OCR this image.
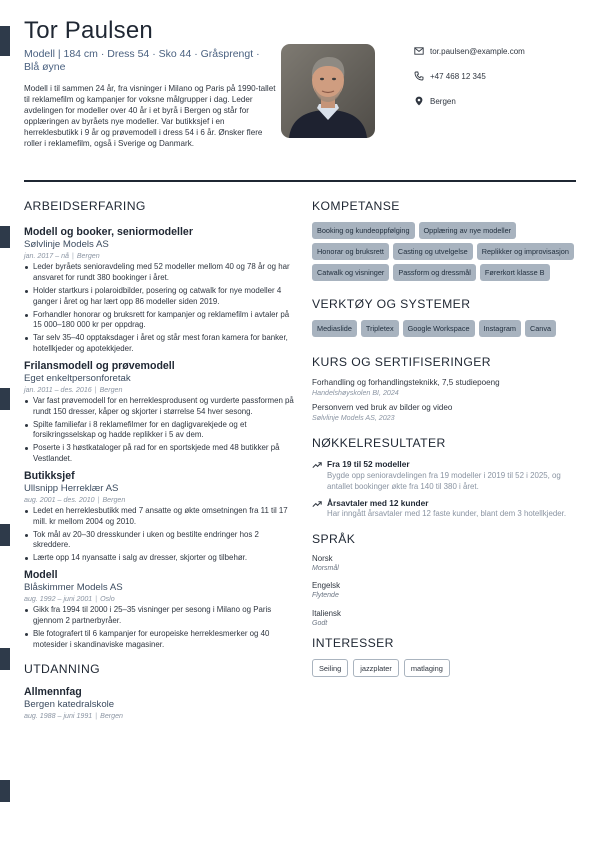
Tor Paulsen
Modell | 184 cm · Dress 54 · Sko 44 · Gråsprengt · Blå øyne
Modell i til sammen 24 år, fra visninger i Milano og Paris på 1990-tallet til reklamefilm og kampanjer for voksne målgrupper i dag. Leder avdelingen for modeller over 40 år i et byrå i Bergen og står for opplæringen av byråets nye modeller. Var butikksjef i en herreklesbutikk i 9 år og prøvemodell i dress 54 i 6 år. Ønsker flere roller i reklamefilm, også i Sverige og Danmark.
tor.paulsen@example.com
+47 468 12 345
Bergen
ARBEIDSERFARING
Modell og booker, seniormodeller
Sølvlinje Models AS
jan. 2017 – nå | Bergen
Leder byråets senioravdeling med 52 modeller mellom 40 og 78 år og har ansvaret for rundt 380 bookinger i året.
Holder startkurs i polaroidbilder, posering og catwalk for nye modeller 4 ganger i året og har lært opp 86 modeller siden 2019.
Forhandler honorar og bruksrett for kampanjer og reklamefilm i avtaler på 15 000–180 000 kr per oppdrag.
Tar selv 35–40 opptaksdager i året og står mest foran kamera for banker, hotellkjeder og apotekkjeder.
Frilansmodell og prøvemodell
Eget enkeltpersonforetak
jan. 2011 – des. 2016 | Bergen
Var fast prøvemodell for en herreklesprodusent og vurderte passformen på rundt 150 dresser, kåper og skjorter i størrelse 54 hver sesong.
Spilte familiefar i 8 reklamefilmer for en dagligvarekjede og et forsikringsselskap og hadde replikker i 5 av dem.
Poserte i 3 høstkataloger på rad for en sportskjede med 48 butikker på Vestlandet.
Butikksjef
Ullsnipp Herreklær AS
aug. 2001 – des. 2010 | Bergen
Ledet en herreklesbutikk med 7 ansatte og økte omsetningen fra 11 til 17 mill. kr mellom 2004 og 2010.
Tok mål av 20–30 dresskunder i uken og bestilte endringer hos 2 skreddere.
Lærte opp 14 nyansatte i salg av dresser, skjorter og tilbehør.
Modell
Blåskimmer Models AS
aug. 1992 – juni 2001 | Oslo
Gikk fra 1994 til 2000 i 25–35 visninger per sesong i Milano og Paris gjennom 2 partnerbyråer.
Ble fotografert til 6 kampanjer for europeiske herreklesmerker og 40 motesider i skandinaviske magasiner.
UTDANNING
Allmennfag
Bergen katedralskole
aug. 1988 – juni 1991 | Bergen
KOMPETANSE
Booking og kundeoppfølging	Opplæring av nye modeller
Honorar og bruksrett	Casting og utvelgelse	Replikker og improvisasjon
Catwalk og visninger	Passform og dressmål	Førerkort klasse B
VERKTØY OG SYSTEMER
Mediaslide	Tripletex	Google Workspace	Instagram	Canva
KURS OG SERTIFISERINGER
Forhandling og forhandlingsteknikk, 7,5 studiepoeng
Handelshøyskolen BI, 2024
Personvern ved bruk av bilder og video
Sølvlinje Models AS, 2023
NØKKELRESULTATER
Fra 19 til 52 modeller
Bygde opp senioravdelingen fra 19 modeller i 2019 til 52 i 2025, og antallet bookinger økte fra 140 til 380 i året.
Årsavtaler med 12 kunder
Har inngått årsavtaler med 12 faste kunder, blant dem 3 hotellkjeder.
SPRÅK
Norsk
Morsmål
Engelsk
Flytende
Italiensk
Godt
INTERESSER
Seiling	jazzplater	matlaging
